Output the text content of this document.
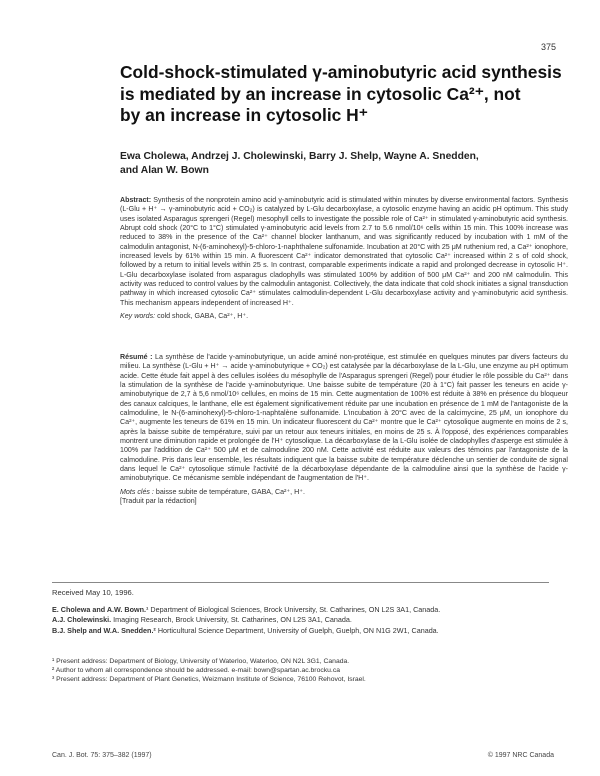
375
Cold-shock-stimulated γ-aminobutyric acid synthesis
is mediated by an increase in cytosolic Ca²⁺, not
by an increase in cytosolic H⁺
Ewa Cholewa, Andrzej J. Cholewinski, Barry J. Shelp, Wayne A. Snedden,
and Alan W. Bown

Abstract: Synthesis of the nonprotein amino acid γ-aminobutyric acid is stimulated within minutes by diverse environmental factors. Synthesis (L-Glu + H⁺ → γ-aminobutyric acid + CO₂) is catalyzed by L-Glu decarboxylase, a cytosolic enzyme having an acidic pH optimum. This study uses isolated Asparagus sprengeri (Regel) mesophyll cells to investigate the possible role of Ca²⁺ in stimulated γ-aminobutyric acid synthesis. Abrupt cold shock (20°C to 1°C) stimulated γ-aminobutyric acid levels from 2.7 to 5.6 nmol/10⁶ cells within 15 min. This 100% increase was reduced to 38% in the presence of the Ca²⁺ channel blocker lanthanum, and was significantly reduced by incubation with 1 mM of the calmodulin antagonist, N-(6-aminohexyl)-5-chloro-1-naphthalene sulfonamide. Incubation at 20°C with 25 μM ruthenium red, a Ca²⁺ ionophore, increased levels by 61% within 15 min. A fluorescent Ca²⁺ indicator demonstrated that cytosolic Ca²⁺ increased within 2 s of cold shock, followed by a return to initial levels within 25 s. In contrast, comparable experiments indicate a rapid and prolonged decrease in cytosolic H⁺. L-Glu decarboxylase isolated from asparagus cladophylls was stimulated 100% by addition of 500 μM Ca²⁺ and 200 nM calmodulin. This activity was reduced to control values by the calmodulin antagonist. Collectively, the data indicate that cold shock initiates a signal transduction pathway in which increased cytosolic Ca²⁺ stimulates calmodulin-dependent L-Glu decarboxylase activity and γ-aminobutyric acid synthesis. This mechanism appears independent of increased H⁺.

Key words: cold shock, GABA, Ca²⁺, H⁺.

Résumé : La synthèse de l'acide γ-aminobutyrique, un acide aminé non-protéique, est stimulée en quelques minutes par divers facteurs du milieu. La synthèse (L-Glu + H⁺ → acide γ-aminobutyrique + CO₂) est catalysée par la décarboxylase de la L-Glu, une enzyme au pH optimum acide. Cette étude fait appel à des cellules isolées du mésophylle de l'Asparagus sprengeri (Regel) pour étudier le rôle possible du Ca²⁺ dans la stimulation de la synthèse de l'acide γ-aminobutyrique. Une baisse subite de température (20 à 1°C) fait passer les teneurs en acide γ-aminobutyrique de 2,7 à 5,6 nmol/10⁶ cellules, en moins de 15 min. Cette augmentation de 100% est réduite à 38% en présence du bloqueur des canaux calciques, le lanthane, elle est également significativement réduite par une incubation en présence de 1 mM de l'antagoniste de la calmoduline, le N-(6-aminohexyl)-5-chloro-1-naphtalène sulfonamide. L'incubation à 20°C avec de la calcimycine, 25 μM, un ionophore du Ca²⁺, augmente les teneurs de 61% en 15 min. Un indicateur fluorescent du Ca²⁺ montre que le Ca²⁺ cytosolique augmente en moins de 2 s, après la baisse subite de température, suivi par un retour aux teneurs initiales, en moins de 25 s. À l'opposé, des expériences comparables montrent une diminution rapide et prolongée de l'H⁺ cytosolique. La décarboxylase de la L-Glu isolée de cladophylles d'asperge est stimulée à 100% par l'addition de Ca²⁺ 500 μM et de calmoduline 200 nM. Cette activité est réduite aux valeurs des témoins par l'antagoniste de la calmoduline. Pris dans leur ensemble, les résultats indiquent que la baisse subite de température déclenche un sentier de conduite de signal dans lequel le Ca²⁺ cytosolique stimule l'activité de la décarboxylase dépendante de la calmoduline ainsi que la synthèse de l'acide γ-aminobutyrique. Ce mécanisme semble indépendant de l'augmentation de l'H⁺.

Mots clés : baisse subite de température, GABA, Ca²⁺, H⁺.

[Traduit par la rédaction]

Received May 10, 1996.
E. Cholewa and A.W. Bown.¹ Department of Biological Sciences, Brock University, St. Catharines, ON L2S 3A1, Canada.
A.J. Cholewinski. Imaging Research, Brock University, St. Catharines, ON L2S 3A1, Canada.
B.J. Shelp and W.A. Snedden.² Horticultural Science Department, University of Guelph, Guelph, ON N1G 2W1, Canada.
¹ Present address: Department of Biology, University of Waterloo, Waterloo, ON N2L 3G1, Canada.
² Author to whom all correspondence should be addressed. e-mail: bown@spartan.ac.brocku.ca
³ Present address: Department of Plant Genetics, Weizmann Institute of Science, 76100 Rehovot, Israel.
Can. J. Bot. 75: 375–382 (1997)	© 1997 NRC Canada
